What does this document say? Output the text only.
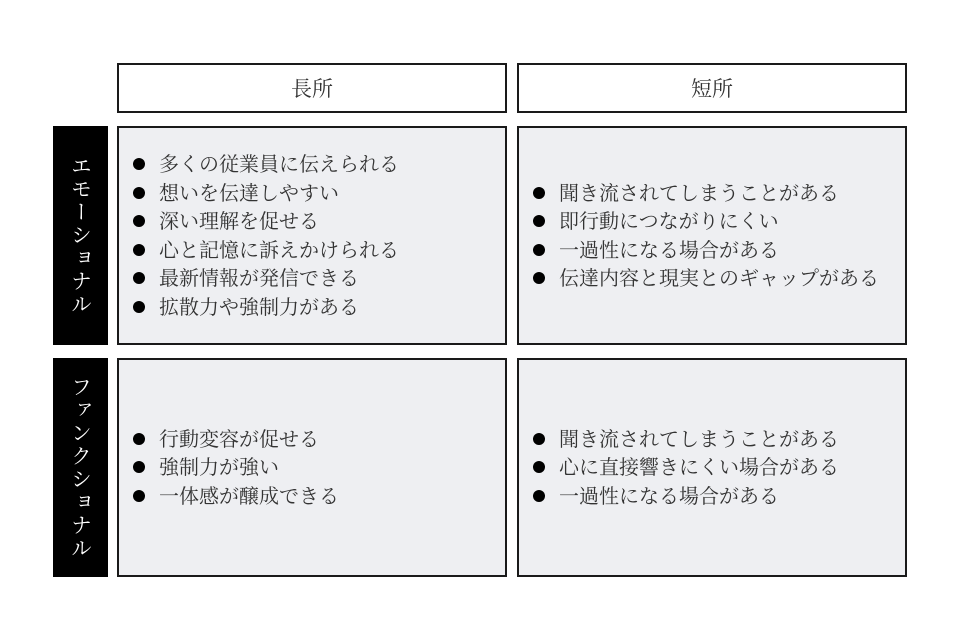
長所	短所
エモーショナル
ファンクショナル
多くの従業員に伝えられる
想いを伝達しやすい
深い理解を促せる
心と記憶に訴えかけられる
最新情報が発信できる
拡散力や強制力がある
聞き流されてしまうことがある
即行動につながりにくい
一過性になる場合がある
伝達内容と現実とのギャップがある
行動変容が促せる
強制力が強い
一体感が醸成できる
聞き流されてしまうことがある
心に直接響きにくい場合がある
一過性になる場合がある
